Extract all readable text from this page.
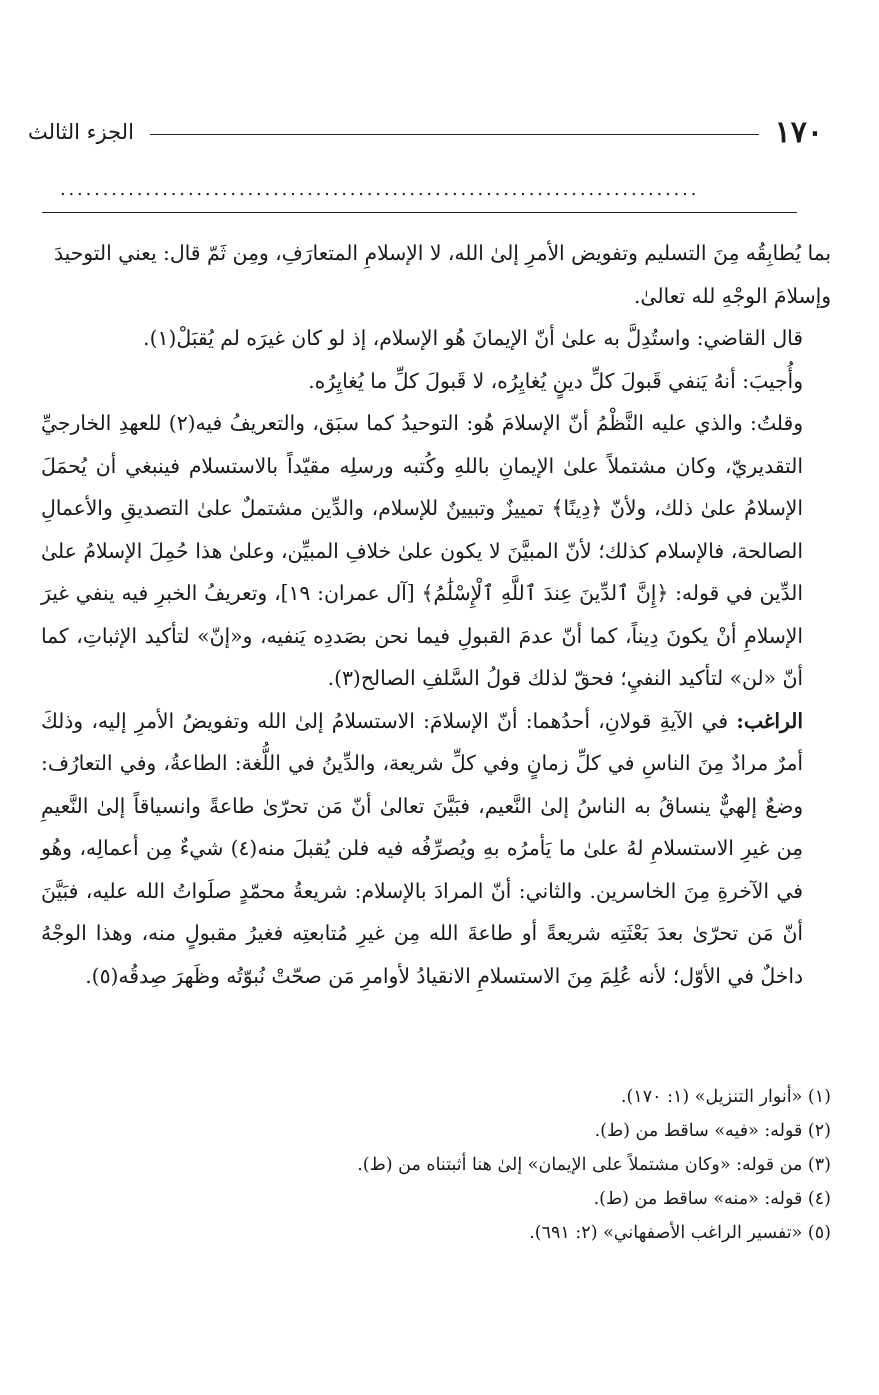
١٧٠
الجزء الثالث
...........................................................................

بما يُطابِقُه مِنَ التسليم وتفويض الأمرِ إلىٰ الله، لا الإسلامِ المتعارَفِ، ومِن ثَمّ قال: يعني التوحيدَ

وإسلامَ الوجْهِ لله تعالىٰ.

قال القاضي: واستُدِلَّ به علىٰ أنّ الإيمانَ هُو الإسلام، إذ لو كان غيرَه لم يُقبَلْ(١).

وأُجيبَ: أنهُ يَنفي قَبولَ كلِّ دينٍ يُغايِرُه، لا قَبولَ كلِّ ما يُغايِرُه.

وقلتُ: والذي عليه النَّظْمُ أنّ الإسلامَ هُو: التوحيدُ كما سبَق، والتعريفُ فيه(٢) للعهدِ الخارجيِّ التقديريّ، وكان مشتملاً علىٰ الإيمانِ باللهِ وكُتبه ورسلِه مقيّداً بالاستسلام فينبغي أن يُحمَلَ الإسلامُ علىٰ ذلك، ولأنّ ﴿دِينًا﴾ تمييزٌ وتبيينٌ للإسلام، والدِّين مشتملٌ علىٰ التصديقِ والأعمالِ الصالحة، فالإسلام كذلك؛ لأنّ المبيَّنَ لا يكون علىٰ خلافِ المبيِّن، وعلىٰ هذا حُمِلَ الإسلامُ علىٰ الدِّين في قوله: ﴿إِنَّ ٱلدِّينَ عِندَ ٱللَّهِ ٱلْإِسْلَٰمُ﴾ [آل عمران: ١٩]، وتعريفُ الخبرِ فيه ينفي غيرَ الإسلامِ أنْ يكونَ دِيناً، كما أنّ عدمَ القبولِ فيما نحن بصَددِه يَنفيه، و«إنّ» لتأكيد الإثباتِ، كما أنّ «لن» لتأكيد النفيِ؛ فحقّ لذلك قولُ السَّلفِ الصالح(٣).

الراغب: في الآيةِ قولانِ، أحدُهما: أنّ الإسلامَ: الاستسلامُ إلىٰ الله وتفويضُ الأمرِ إليه، وذلكَ أمرٌ مرادٌ مِنَ الناسِ في كلِّ زمانٍ وفي كلِّ شريعة، والدِّينُ في اللُّغة: الطاعةُ، وفي التعارُف: وضعٌ إلهيٌّ ينساقُ به الناسُ إلىٰ النَّعيم، فبَيَّنَ تعالىٰ أنّ مَن تحرّىٰ طاعةً وانسياقاً إلىٰ النَّعيمِ مِن غيرِ الاستسلامِ لهُ علىٰ ما يَأمرُه بهِ ويُصرِّفُه فيه فلن يُقبلَ منه(٤) شيءٌ مِن أعمالِه، وهُو في الآخرةِ مِنَ الخاسرين. والثاني: أنّ المرادَ بالإسلام: شريعةُ محمّدٍ صلَواتُ الله عليه، فبَيَّنَ أنّ مَن تحرّىٰ بعدَ بَعْثَتِه شريعةً أو طاعةَ الله مِن غيرِ مُتابعتِه فغيرُ مقبولٍ منه، وهذا الوجْهُ داخلٌ في الأوّل؛ لأنه عُلِمَ مِنَ الاستسلامِ الانقيادُ لأوامرِ مَن صحّتْ نُبوّتُه وظَهرَ صِدقُه(٥).

(١) «أنوار التنزيل» (١: ١٧٠).

(٢) قوله: «فيه» ساقط من (ط).

(٣) من قوله: «وكان مشتملاً على الإيمان» إلىٰ هنا أثبتناه من (ط).

(٤) قوله: «منه» ساقط من (ط).

(٥) «تفسير الراغب الأصفهاني» (٢: ٦٩١).
